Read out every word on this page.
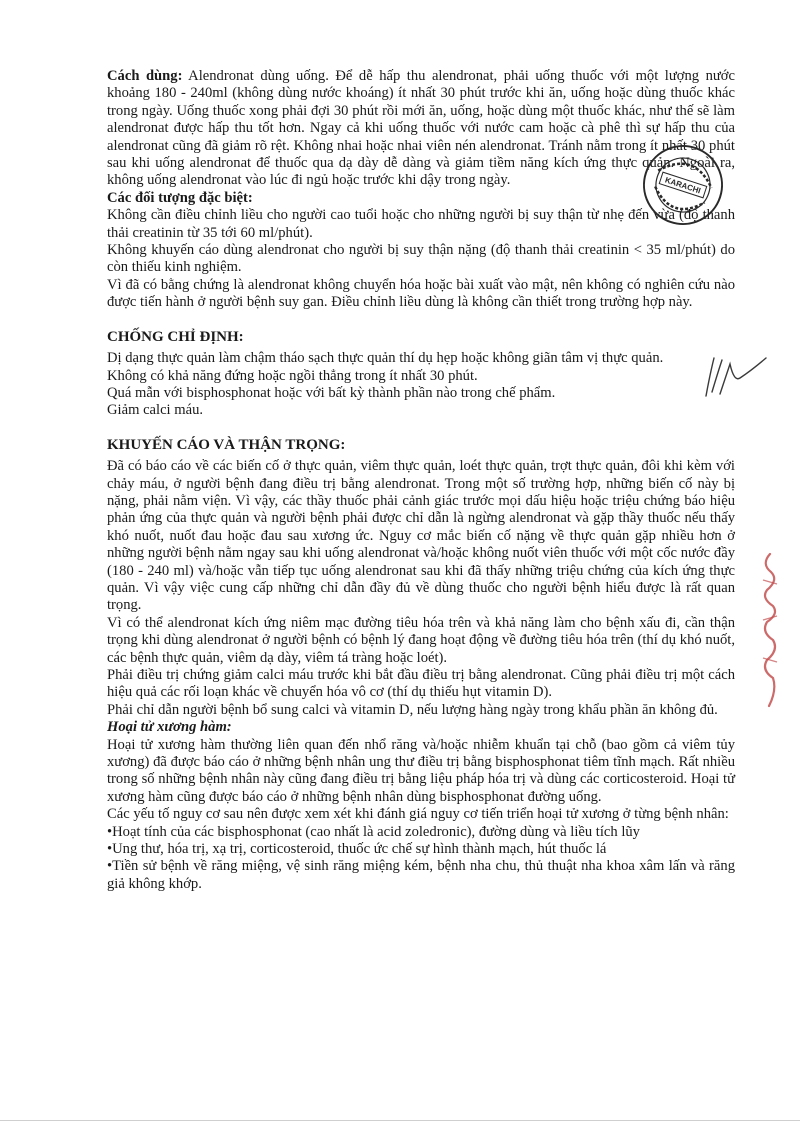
Cách dùng: Alendronat dùng uống. Để dễ hấp thu alendronat, phải uống thuốc với một lượng nước khoảng 180 - 240ml (không dùng nước khoáng) ít nhất 30 phút trước khi ăn, uống hoặc dùng thuốc khác trong ngày. Uống thuốc xong phải đợi 30 phút rồi mới ăn, uống, hoặc dùng một thuốc khác, như thế sẽ làm alendronat được hấp thu tốt hơn. Ngay cả khi uống thuốc với nước cam hoặc cà phê thì sự hấp thu của alendronat cũng đã giảm rõ rệt. Không nhai hoặc nhai viên nén alendronat. Tránh nằm trong ít nhất 30 phút sau khi uống alendronat để thuốc qua dạ dày dễ dàng và giảm tiềm năng kích ứng thực quản. Ngoài ra, không uống alendronat vào lúc đi ngủ hoặc trước khi dậy trong ngày.

Các đối tượng đặc biệt:

Không cần điều chỉnh liều cho người cao tuổi hoặc cho những người bị suy thận từ nhẹ đến vừa (độ thanh thải creatinin từ 35 tới 60 ml/phút).

Không khuyến cáo dùng alendronat cho người bị suy thận nặng (độ thanh thải creatinin < 35 ml/phút) do còn thiếu kinh nghiệm.

Vì đã có bằng chứng là alendronat không chuyển hóa hoặc bài xuất vào mật, nên không có nghiên cứu nào được tiến hành ở người bệnh suy gan. Điều chỉnh liều dùng là không cần thiết trong trường hợp này.

CHỐNG CHỈ ĐỊNH:

Dị dạng thực quản làm chậm tháo sạch thực quản thí dụ hẹp hoặc không giãn tâm vị thực quản.

Không có khả năng đứng hoặc ngồi thẳng trong ít nhất 30 phút.

Quá mẫn với bisphosphonat hoặc với bất kỳ thành phần nào trong chế phẩm.

Giảm calci máu.

KHUYẾN CÁO VÀ THẬN TRỌNG:

Đã có báo cáo về các biến cố ở thực quản, viêm thực quản, loét thực quản, trợt thực quản, đôi khi kèm với chảy máu, ở người bệnh đang điều trị bằng alendronat. Trong một số trường hợp, những biến cố này bị nặng, phải nằm viện. Vì vậy, các thầy thuốc phải cảnh giác trước mọi dấu hiệu hoặc triệu chứng báo hiệu phản ứng của thực quản và người bệnh phải được chỉ dẫn là ngừng alendronat và gặp thầy thuốc nếu thấy khó nuốt, nuốt đau hoặc đau sau xương ức. Nguy cơ mắc biến cố nặng về thực quản gặp nhiều hơn ở những người bệnh nằm ngay sau khi uống alendronat và/hoặc không nuốt viên thuốc với một cốc nước đầy (180 - 240 ml) và/hoặc vẫn tiếp tục uống alendronat sau khi đã thấy những triệu chứng của kích ứng thực quản. Vì vậy việc cung cấp những chỉ dẫn đầy đủ về dùng thuốc cho người bệnh hiểu được là rất quan trọng.

Vì có thể alendronat kích ứng niêm mạc đường tiêu hóa trên và khả năng làm cho bệnh xấu đi, cần thận trọng khi dùng alendronat ở người bệnh có bệnh lý đang hoạt động về đường tiêu hóa trên (thí dụ khó nuốt, các bệnh thực quản, viêm dạ dày, viêm tá tràng hoặc loét).

Phải điều trị chứng giảm calci máu trước khi bắt đầu điều trị bằng alendronat. Cũng phải điều trị một cách hiệu quả các rối loạn khác về chuyển hóa vô cơ (thí dụ thiếu hụt vitamin D).

Phải chỉ dẫn người bệnh bổ sung calci và vitamin D, nếu lượng hàng ngày trong khẩu phần ăn không đủ.

Hoại tử xương hàm:

Hoại tử xương hàm thường liên quan đến nhổ răng và/hoặc nhiễm khuẩn tại chỗ (bao gồm cả viêm tủy xương) đã được báo cáo ở những bệnh nhân ung thư điều trị bằng bisphosphonat tiêm tĩnh mạch. Rất nhiều trong số những bệnh nhân này cũng đang điều trị bằng liệu pháp hóa trị và dùng các corticosteroid. Hoại tử xương hàm cũng được báo cáo ở những bệnh nhân dùng bisphosphonat đường uống.

Các yếu tố nguy cơ sau nên được xem xét khi đánh giá nguy cơ tiến triển hoại tử xương ở từng bệnh nhân:

• Hoạt tính của các bisphosphonat (cao nhất là acid zoledronic), đường dùng và liều tích lũy

• Ung thư, hóa trị, xạ trị, corticosteroid, thuốc ức chế sự hình thành mạch, hút thuốc lá

• Tiền sử bệnh về răng miệng, vệ sinh răng miệng kém, bệnh nha chu, thủ thuật nha khoa xâm lấn và răng giả không khớp.

KARACHI
